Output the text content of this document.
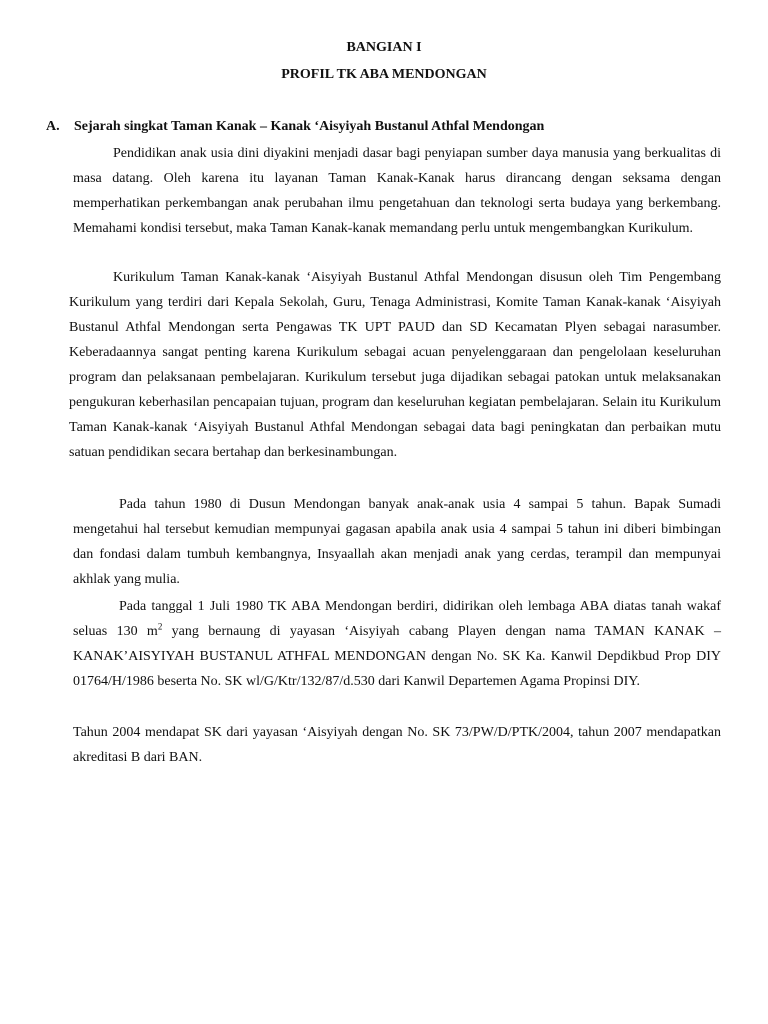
BANGIAN I
PROFIL TK ABA MENDONGAN
A. Sejarah singkat Taman Kanak – Kanak ‘Aisyiyah Bustanul Athfal Mendongan

Pendidikan anak usia dini diyakini menjadi dasar bagi penyiapan sumber daya manusia yang berkualitas di masa datang. Oleh karena itu layanan Taman Kanak-Kanak harus dirancang dengan seksama dengan memperhatikan perkembangan anak perubahan ilmu pengetahuan dan teknologi serta budaya yang berkembang. Memahami kondisi tersebut, maka Taman Kanak-kanak memandang perlu untuk mengembangkan Kurikulum.

Kurikulum Taman Kanak-kanak ‘Aisyiyah Bustanul Athfal Mendongan disusun oleh Tim Pengembang Kurikulum yang terdiri dari Kepala Sekolah, Guru, Tenaga Administrasi, Komite Taman Kanak-kanak ‘Aisyiyah Bustanul Athfal Mendongan serta Pengawas TK UPT PAUD dan SD Kecamatan Plyen sebagai narasumber. Keberadaannya sangat penting karena Kurikulum sebagai acuan penyelenggaraan dan pengelolaan keseluruhan program dan pelaksanaan pembelajaran. Kurikulum tersebut juga dijadikan sebagai patokan untuk melaksanakan pengukuran keberhasilan pencapaian tujuan, program dan keseluruhan kegiatan pembelajaran. Selain itu Kurikulum Taman Kanak-kanak ‘Aisyiyah Bustanul Athfal Mendongan sebagai data bagi peningkatan dan perbaikan mutu satuan pendidikan secara bertahap dan berkesinambungan.

Pada tahun 1980 di Dusun Mendongan banyak anak-anak usia 4 sampai 5 tahun. Bapak Sumadi mengetahui hal tersebut kemudian mempunyai gagasan apabila anak usia 4 sampai 5 tahun ini diberi bimbingan dan fondasi dalam tumbuh kembangnya, Insyaallah akan menjadi anak yang cerdas, terampil dan mempunyai akhlak yang mulia.

Pada tanggal 1 Juli 1980 TK ABA Mendongan berdiri, didirikan oleh lembaga ABA diatas tanah wakaf seluas 130 $m^2$ yang bernaung di yayasan ‘Aisyiyah cabang Playen dengan nama TAMAN KANAK – KANAK’AISYIYAH BUSTANUL ATHFAL MENDONGAN dengan No. SK Ka. Kanwil Depdikbud Prop DIY 01764/H/1986 beserta No. SK wl/G/Ktr/132/87/d.530 dari Kanwil Departemen Agama Propinsi DIY.

Tahun 2004 mendapat SK dari yayasan ‘Aisyiyah dengan No. SK 73/PW/D/PTK/2004, tahun 2007 mendapatkan akreditasi B dari BAN.
